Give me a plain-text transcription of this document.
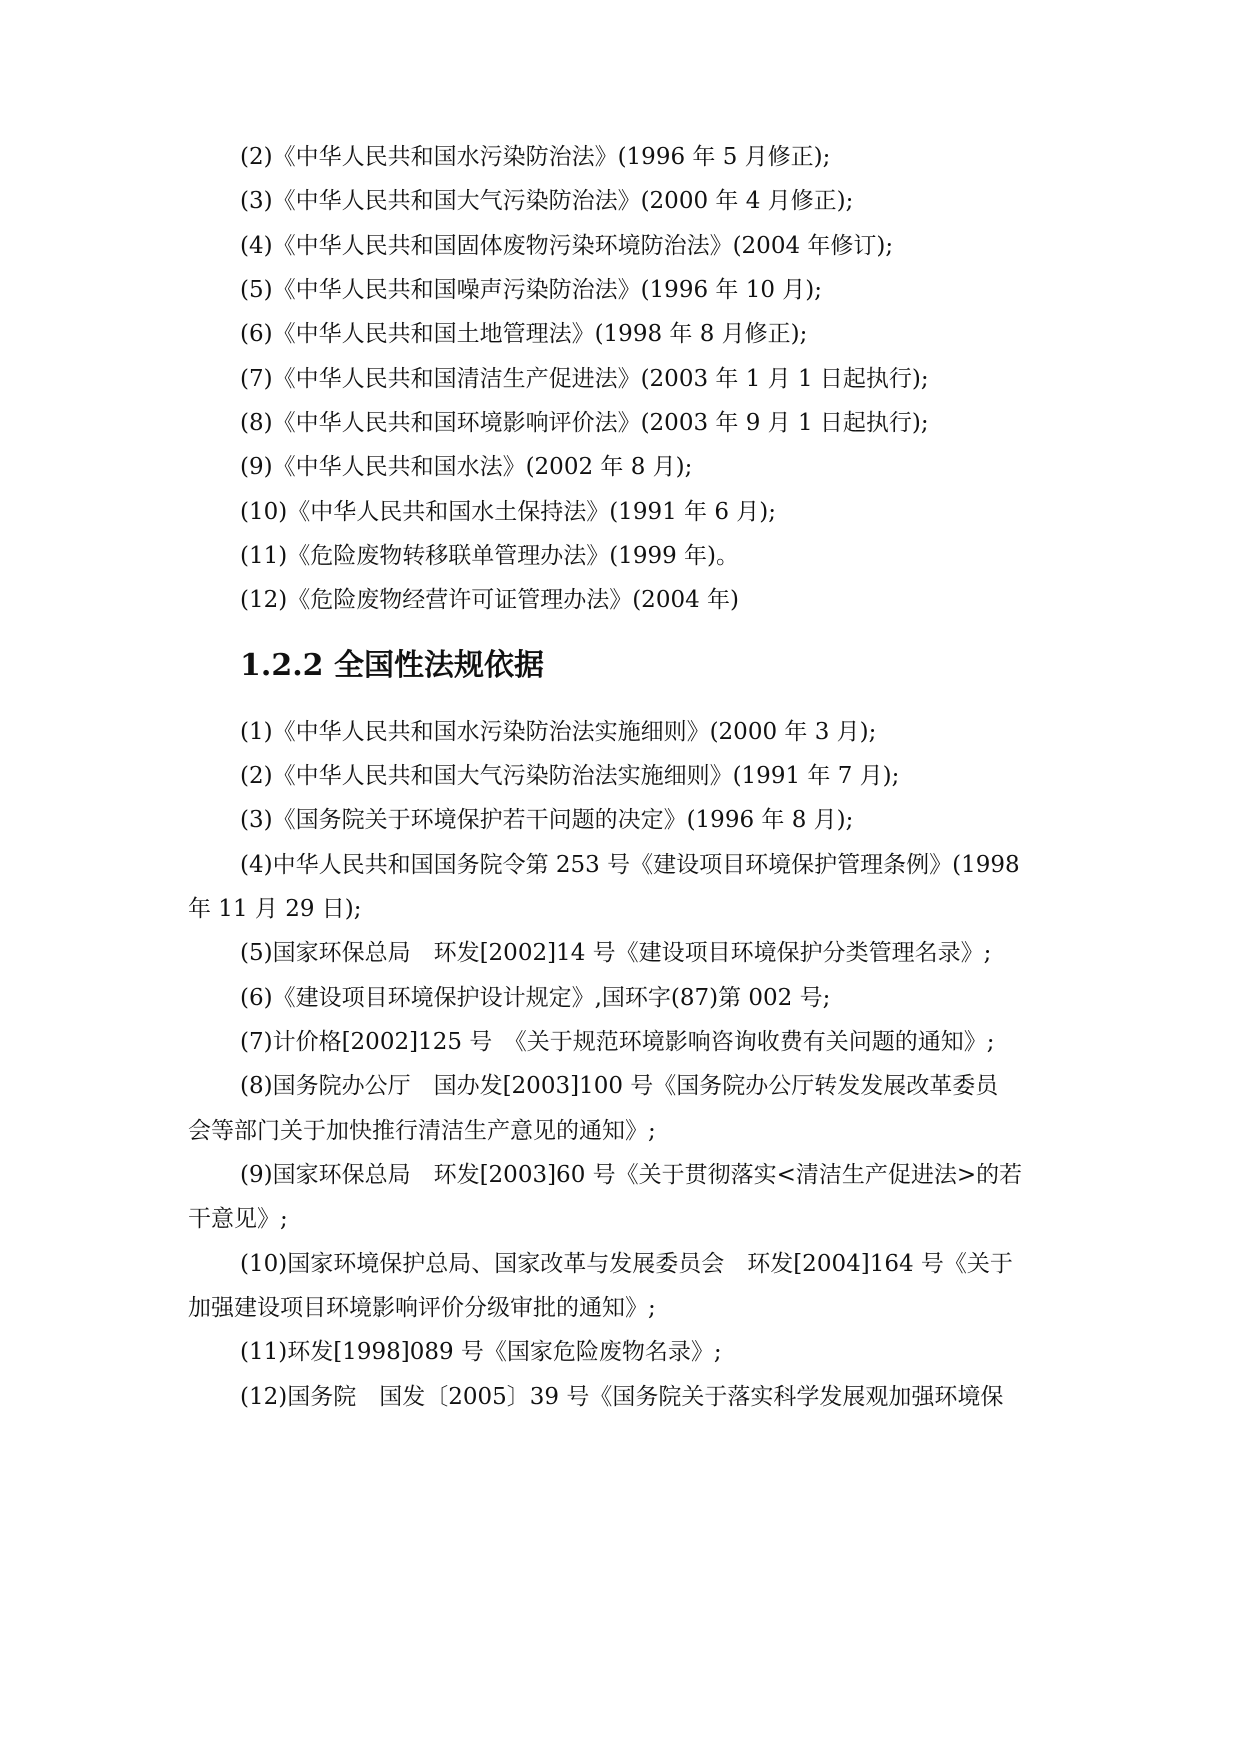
(2)《中华人民共和国水污染防治法》(1996 年 5 月修正);
(3)《中华人民共和国大气污染防治法》(2000 年 4 月修正);
(4)《中华人民共和国固体废物污染环境防治法》(2004 年修订);
(5)《中华人民共和国噪声污染防治法》(1996 年 10 月);
(6)《中华人民共和国土地管理法》(1998 年 8 月修正);
(7)《中华人民共和国清洁生产促进法》(2003 年 1 月 1 日起执行);
(8)《中华人民共和国环境影响评价法》(2003 年 9 月 1 日起执行);
(9)《中华人民共和国水法》(2002 年 8 月);
(10)《中华人民共和国水土保持法》(1991 年 6 月);
(11)《危险废物转移联单管理办法》(1999 年)。
(12)《危险废物经营许可证管理办法》(2004 年)
1.2.2 全国性法规依据
(1)《中华人民共和国水污染防治法实施细则》(2000 年 3 月);
(2)《中华人民共和国大气污染防治法实施细则》(1991 年 7 月);
(3)《国务院关于环境保护若干问题的决定》(1996 年 8 月);
(4)中华人民共和国国务院令第 253 号《建设项目环境保护管理条例》(1998
年 11 月 29 日);
(5)国家环保总局　环发[2002]14 号《建设项目环境保护分类管理名录》;
(6)《建设项目环境保护设计规定》,国环字(87)第 002 号;
(7)计价格[2002]125 号　《关于规范环境影响咨询收费有关问题的通知》;
(8)国务院办公厅　国办发[2003]100 号《国务院办公厅转发发展改革委员
会等部门关于加快推行清洁生产意见的通知》;
(9)国家环保总局　环发[2003]60 号《关于贯彻落实<清洁生产促进法>的若
干意见》;
(10)国家环境保护总局、国家改革与发展委员会　环发[2004]164 号《关于
加强建设项目环境影响评价分级审批的通知》;
(11)环发[1998]089 号《国家危险废物名录》;
(12)国务院　国发〔2005〕39 号《国务院关于落实科学发展观加强环境保
